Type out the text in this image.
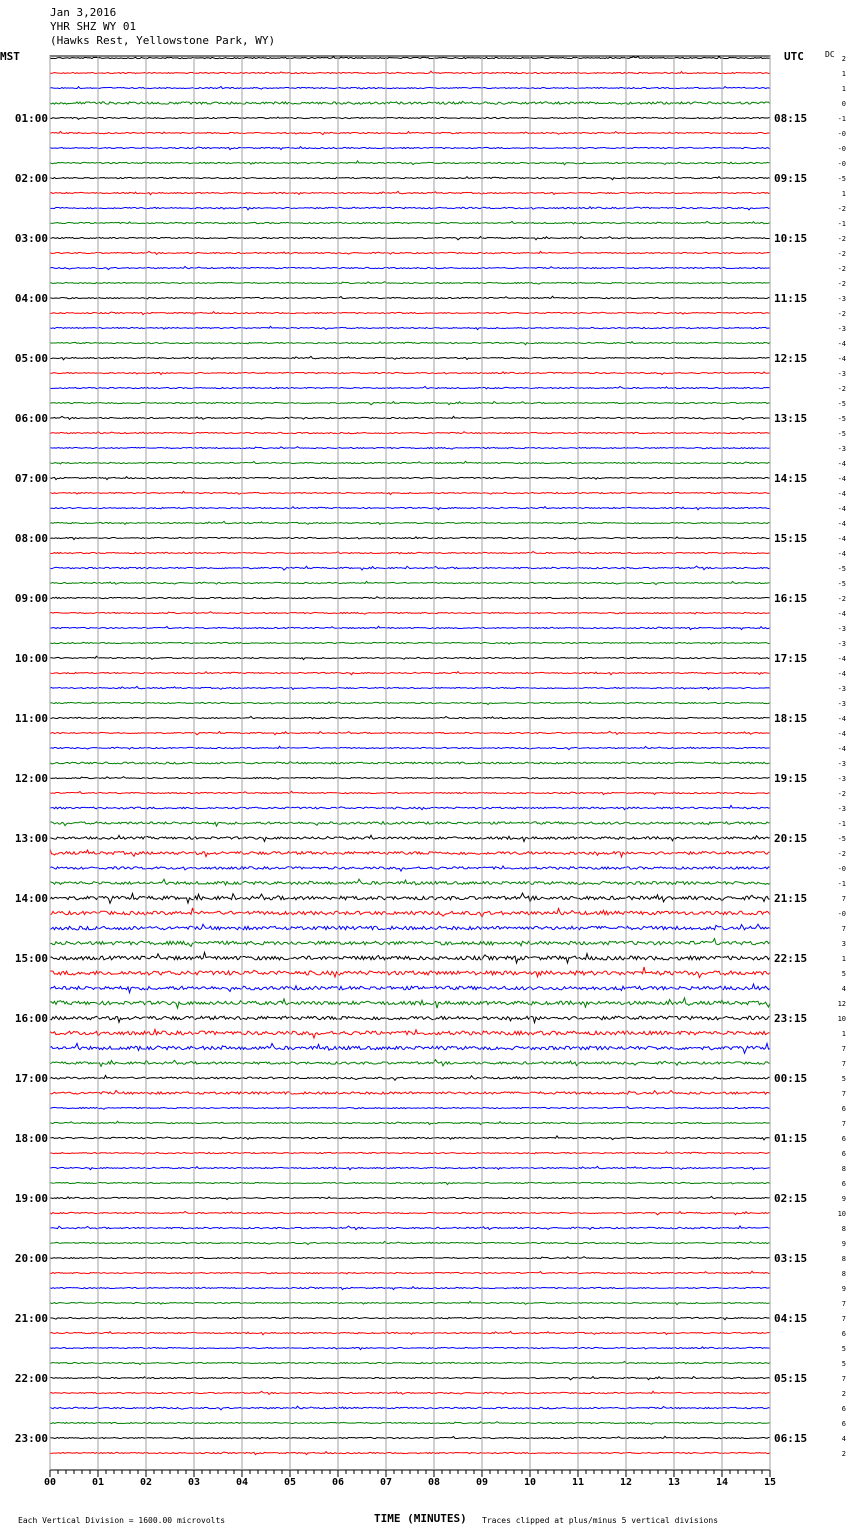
Jan 3,2016
YHR SHZ WY 01
(Hawks Rest, Yellowstone Park, WY)
2
1
1
0
-1
-0
-0
-0
-5
1
-2
-1
-2
-2
-2
-2
-3
-2
-3
-4
-4
-3
-2
-5
-5
-5
-3
-4
-4
-4
-4
-4
-4
-4
-5
-5
-2
-4
-3
-3
-4
-4
-3
-3
-4
-4
-4
-3
-3
-2
-3
-1
-5
-2
-0
-1
7
-0
7
3
1
5
4
12
10
1
7
7
5
7
6
7
6
6
8
6
9
10
8
9
8
8
9
7
7
6
5
5
7
2
6
6
4
2
00	01	02	03	04	05	06	07	08	09	10	11	12	13	14	15
01:00	08:15
02:00	09:15
03:00	10:15
04:00	11:15
05:00	12:15
06:00	13:15
07:00	14:15
08:00	15:15
09:00	16:15
10:00	17:15
11:00	18:15
12:00	19:15
13:00	20:15
14:00	21:15
15:00	22:15
16:00	23:15
17:00	00:15
18:00	01:15
19:00	02:15
20:00	03:15
21:00	04:15
22:00	05:15
23:00	06:15
MST	UTC	DC
TIME (MINUTES)
Each Vertical Division = 1600.00 microvolts	Traces clipped at plus/minus 5 vertical divisions
